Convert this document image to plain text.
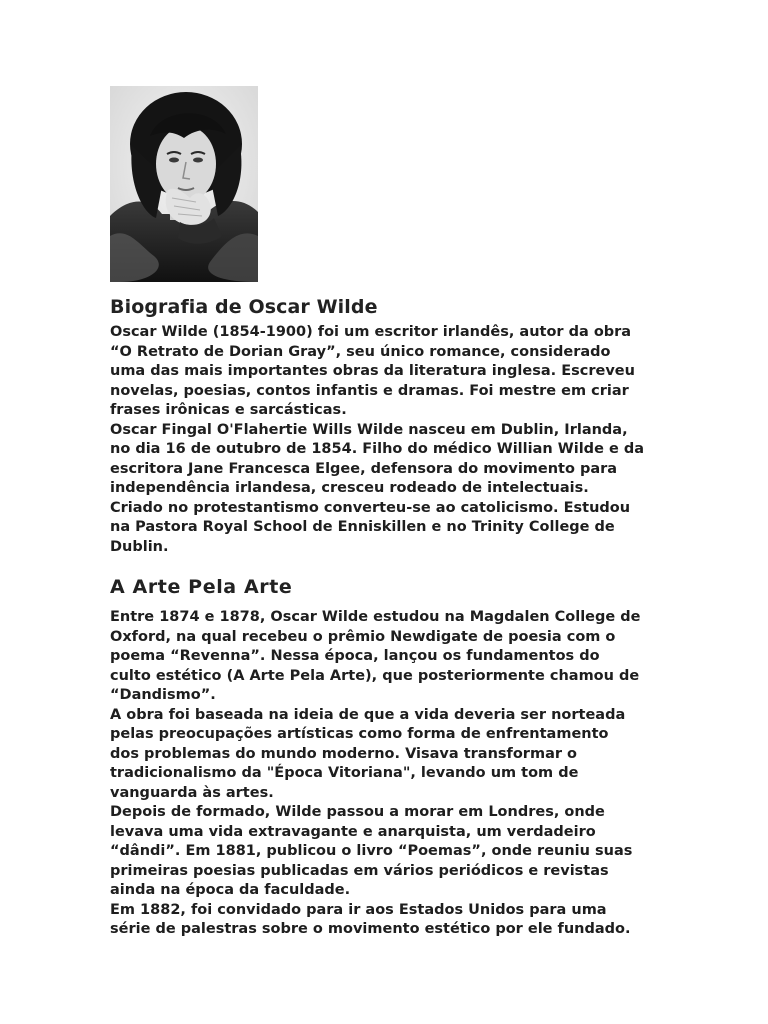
Biografia de Oscar Wilde

Oscar Wilde (1854-1900) foi um escritor irlandês, autor da obra
“O Retrato de Dorian Gray”, seu único romance, considerado
uma das mais importantes obras da literatura inglesa. Escreveu
novelas, poesias, contos infantis e dramas. Foi mestre em criar
frases irônicas e sarcásticas.

Oscar Fingal O'Flahertie Wills Wilde nasceu em Dublin, Irlanda,
no dia 16 de outubro de 1854. Filho do médico Willian Wilde e da
escritora Jane Francesca Elgee, defensora do movimento para
independência irlandesa, cresceu rodeado de intelectuais.
Criado no protestantismo converteu-se ao catolicismo. Estudou
na Pastora Royal School de Enniskillen e no Trinity College de
Dublin.

A Arte Pela Arte

Entre 1874 e 1878, Oscar Wilde estudou na Magdalen College de
Oxford, na qual recebeu o prêmio Newdigate de poesia com o
poema “Revenna”. Nessa época, lançou os fundamentos do
culto estético (A Arte Pela Arte), que posteriormente chamou de
“Dandismo”.

A obra foi baseada na ideia de que a vida deveria ser norteada
pelas preocupações artísticas como forma de enfrentamento
dos problemas do mundo moderno. Visava transformar o
tradicionalismo da "Época Vitoriana", levando um tom de
vanguarda às artes.

Depois de formado, Wilde passou a morar em Londres, onde
levava uma vida extravagante e anarquista, um verdadeiro
“dândi”. Em 1881, publicou o livro “Poemas”, onde reuniu suas
primeiras poesias publicadas em vários periódicos e revistas
ainda na época da faculdade.

Em 1882, foi convidado para ir aos Estados Unidos para uma
série de palestras sobre o movimento estético por ele fundado.
